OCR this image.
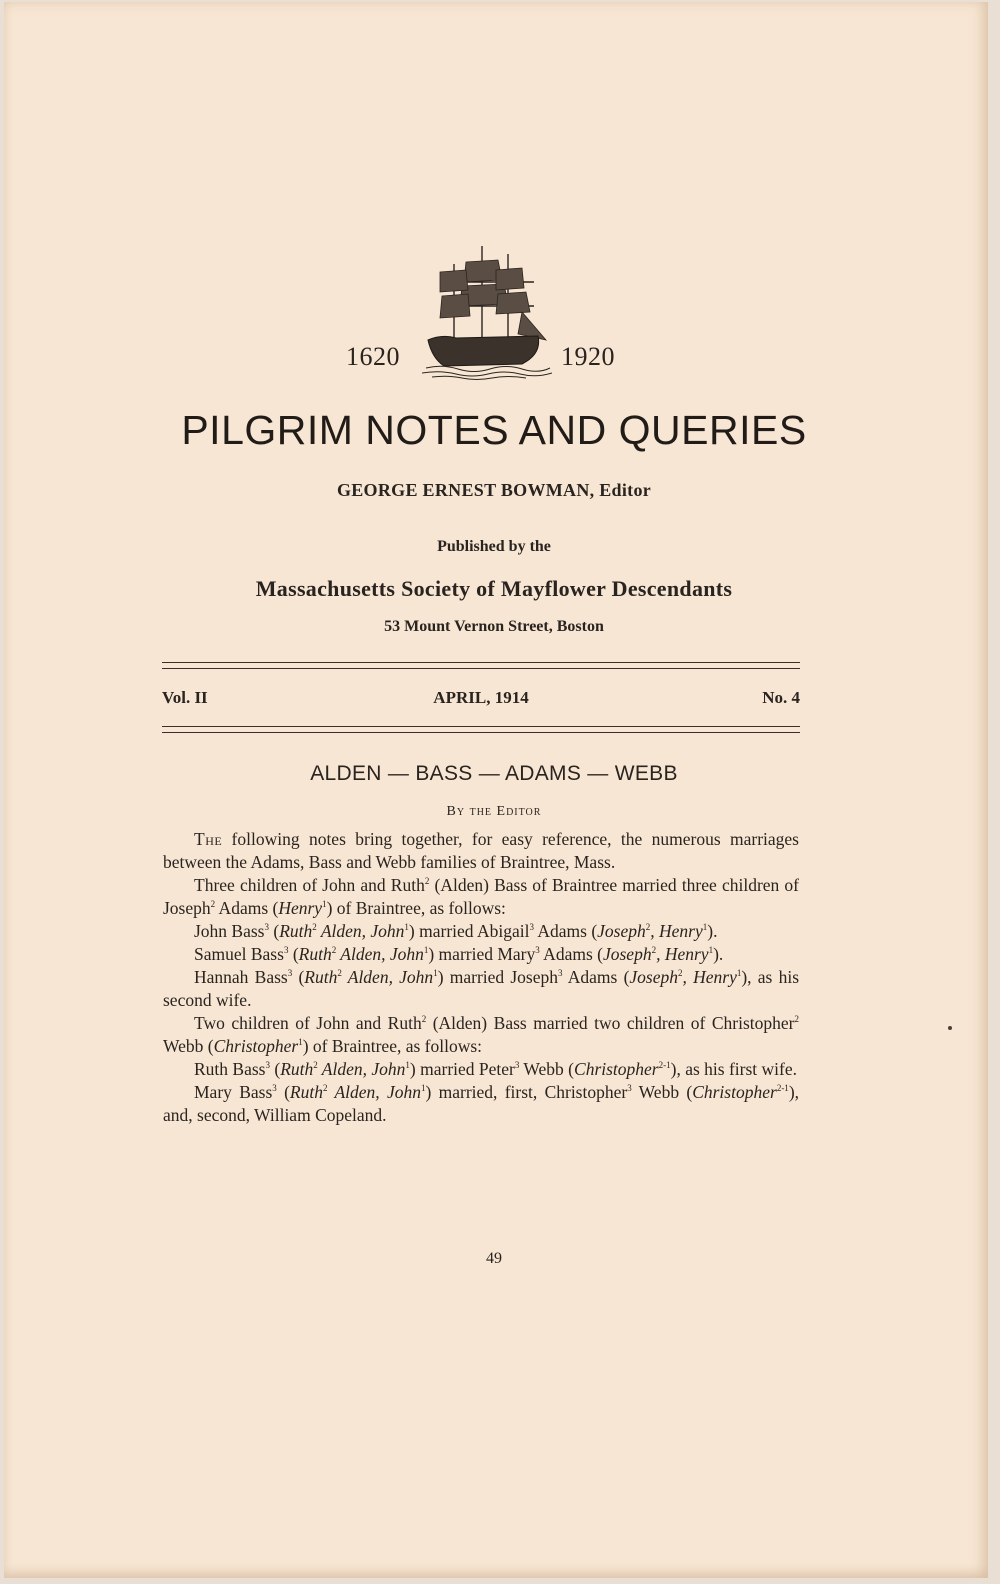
1620	1920
PILGRIM NOTES AND QUERIES
GEORGE ERNEST BOWMAN, Editor
Published by the
Massachusetts Society of Mayflower Descendants
53 Mount Vernon Street, Boston
Vol. II	APRIL, 1914	No. 4
ALDEN — BASS — ADAMS — WEBB
By the Editor

The following notes bring together, for easy reference, the numerous marriages between the Adams, Bass and Webb families of Braintree, Mass.

Three children of John and Ruth$^2$ (Alden) Bass of Braintree married three children of Joseph$^2$ Adams (Henry$^1$) of Braintree, as follows:

John Bass$^3$ (Ruth$^2$ Alden, John$^1$) married Abigail$^3$ Adams (Joseph$^2$, Henry$^1$).

Samuel Bass$^3$ (Ruth$^2$ Alden, John$^1$) married Mary$^3$ Adams (Joseph$^2$, Henry$^1$).

Hannah Bass$^3$ (Ruth$^2$ Alden, John$^1$) married Joseph$^3$ Adams (Joseph$^2$, Henry$^1$), as his second wife.

Two children of John and Ruth$^2$ (Alden) Bass married two children of Christopher$^2$ Webb (Christopher$^1$) of Braintree, as follows:

Ruth Bass$^3$ (Ruth$^2$ Alden, John$^1$) married Peter$^3$ Webb (Christopher$^{2-1}$), as his first wife.

Mary Bass$^3$ (Ruth$^2$ Alden, John$^1$) married, first, Christopher$^3$ Webb (Christopher$^{2-1}$), and, second, William Copeland.

49
